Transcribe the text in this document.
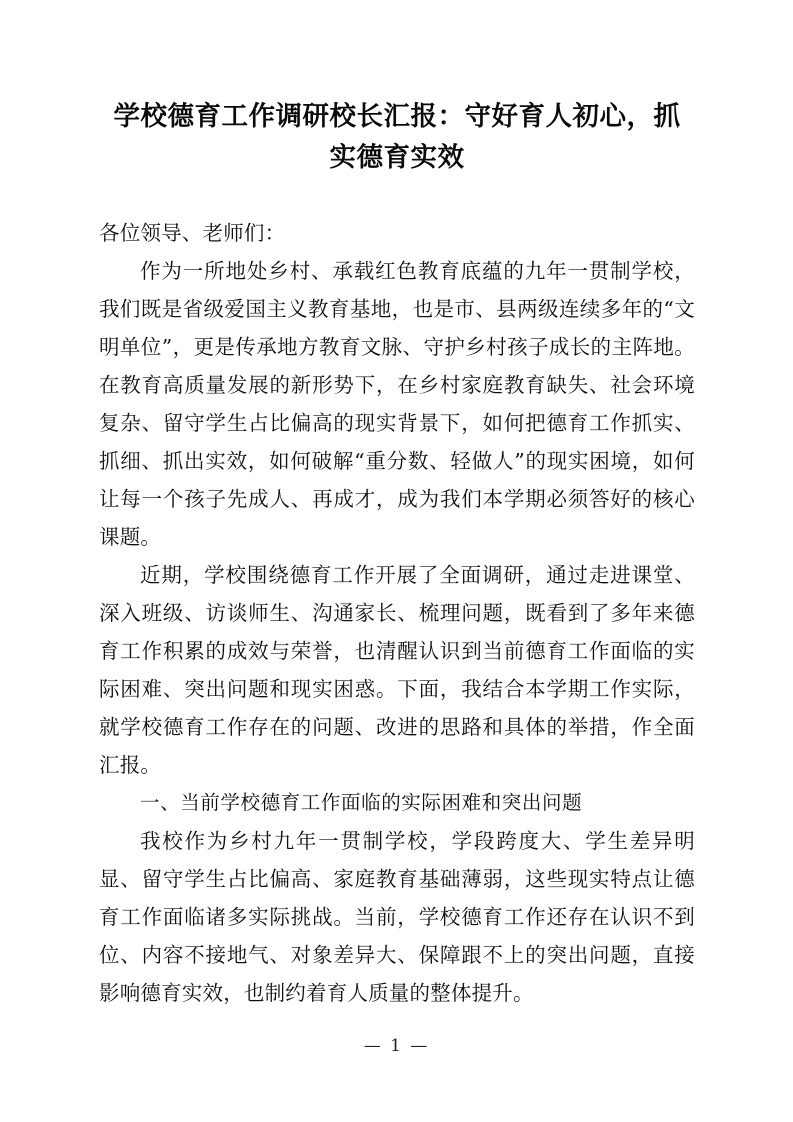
学校德育工作调研校长汇报：守好育人初心，抓实德育实效

各位领导、老师们：

作为一所地处乡村、承载红色教育底蕴的九年一贯制学校，我们既是省级爱国主义教育基地，也是市、县两级连续多年的“文明单位”，更是传承地方教育文脉、守护乡村孩子成长的主阵地。在教育高质量发展的新形势下，在乡村家庭教育缺失、社会环境复杂、留守学生占比偏高的现实背景下，如何把德育工作抓实、抓细、抓出实效，如何破解“重分数、轻做人”的现实困境，如何让每一个孩子先成人、再成才，成为我们本学期必须答好的核心课题。

近期，学校围绕德育工作开展了全面调研，通过走进课堂、深入班级、访谈师生、沟通家长、梳理问题，既看到了多年来德育工作积累的成效与荣誉，也清醒认识到当前德育工作面临的实际困难、突出问题和现实困惑。下面，我结合本学期工作实际，就学校德育工作存在的问题、改进的思路和具体的举措，作全面汇报。

一、当前学校德育工作面临的实际困难和突出问题

我校作为乡村九年一贯制学校，学段跨度大、学生差异明显、留守学生占比偏高、家庭教育基础薄弱，这些现实特点让德育工作面临诸多实际挑战。当前，学校德育工作还存在认识不到位、内容不接地气、对象差异大、保障跟不上的突出问题，直接影响德育实效，也制约着育人质量的整体提升。

— 1 —
